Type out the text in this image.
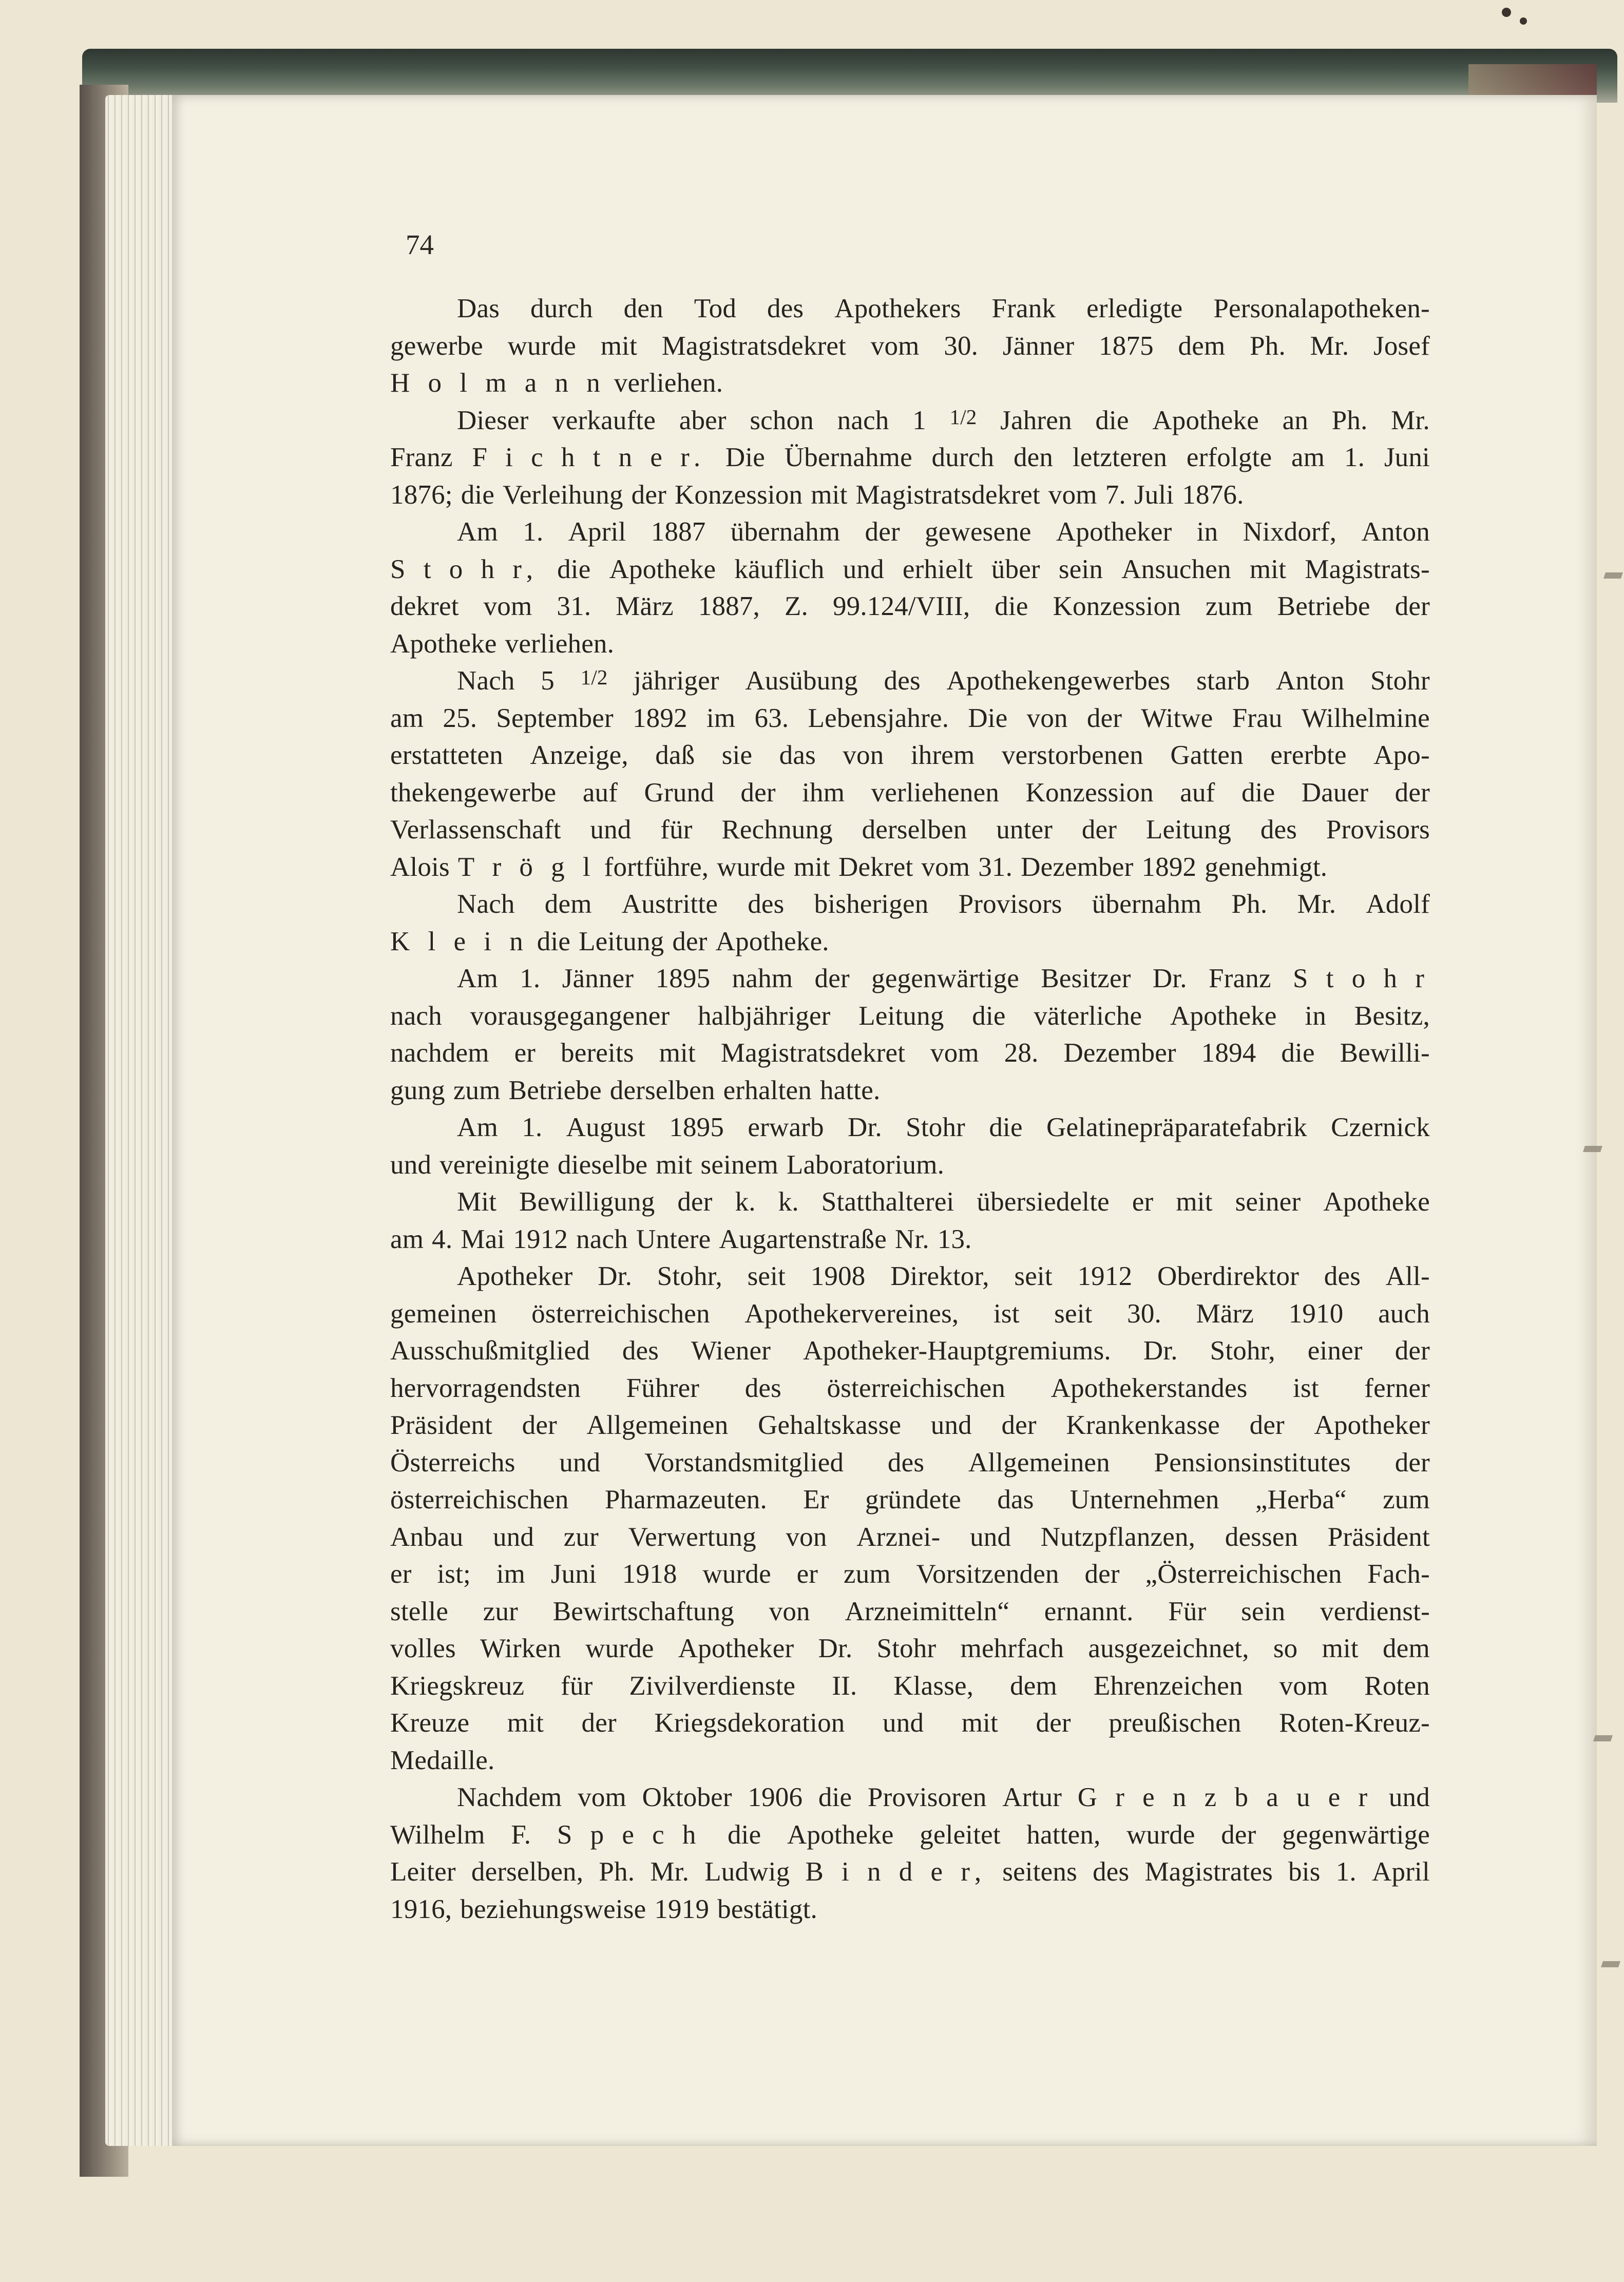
74
Das durch den Tod des Apothekers Frank erledigte Personalapotheken-
gewerbe wurde mit Magistratsdekret vom 30. Jänner 1875 dem Ph. Mr. Josef
H o l m a n n verliehen.
Dieser verkaufte aber schon nach 1 1/2 Jahren die Apotheke an Ph. Mr.
Franz F i c h t n e r. Die Übernahme durch den letzteren erfolgte am 1. Juni
1876; die Verleihung der Konzession mit Magistratsdekret vom 7. Juli 1876.
Am 1. April 1887 übernahm der gewesene Apotheker in Nixdorf, Anton
S t o h r, die Apotheke käuflich und erhielt über sein Ansuchen mit Magistrats-
dekret vom 31. März 1887, Z. 99.124/VIII, die Konzession zum Betriebe der
Apotheke verliehen.
Nach 5 1/2 jähriger Ausübung des Apothekengewerbes starb Anton Stohr
am 25. September 1892 im 63. Lebensjahre. Die von der Witwe Frau Wilhelmine
erstatteten Anzeige, daß sie das von ihrem verstorbenen Gatten ererbte Apo-
thekengewerbe auf Grund der ihm verliehenen Konzession auf die Dauer der
Verlassenschaft und für Rechnung derselben unter der Leitung des Provisors
Alois T r ö g l fortführe, wurde mit Dekret vom 31. Dezember 1892 genehmigt.
Nach dem Austritte des bisherigen Provisors übernahm Ph. Mr. Adolf
K l e i n die Leitung der Apotheke.
Am 1. Jänner 1895 nahm der gegenwärtige Besitzer Dr. Franz S t o h r
nach vorausgegangener halbjähriger Leitung die väterliche Apotheke in Besitz,
nachdem er bereits mit Magistratsdekret vom 28. Dezember 1894 die Bewilli-
gung zum Betriebe derselben erhalten hatte.
Am 1. August 1895 erwarb Dr. Stohr die Gelatinepräparatefabrik Czernick
und vereinigte dieselbe mit seinem Laboratorium.
Mit Bewilligung der k. k. Statthalterei übersiedelte er mit seiner Apotheke
am 4. Mai 1912 nach Untere Augartenstraße Nr. 13.
Apotheker Dr. Stohr, seit 1908 Direktor, seit 1912 Oberdirektor des All-
gemeinen österreichischen Apothekervereines, ist seit 30. März 1910 auch
Ausschußmitglied des Wiener Apotheker-Hauptgremiums. Dr. Stohr, einer der
hervorragendsten Führer des österreichischen Apothekerstandes ist ferner
Präsident der Allgemeinen Gehaltskasse und der Krankenkasse der Apotheker
Österreichs und Vorstandsmitglied des Allgemeinen Pensionsinstitutes der
österreichischen Pharmazeuten. Er gründete das Unternehmen „Herba“ zum
Anbau und zur Verwertung von Arznei- und Nutzpflanzen, dessen Präsident
er ist; im Juni 1918 wurde er zum Vorsitzenden der „Österreichischen Fach-
stelle zur Bewirtschaftung von Arzneimitteln“ ernannt. Für sein verdienst-
volles Wirken wurde Apotheker Dr. Stohr mehrfach ausgezeichnet, so mit dem
Kriegskreuz für Zivilverdienste II. Klasse, dem Ehrenzeichen vom Roten
Kreuze mit der Kriegsdekoration und mit der preußischen Roten-Kreuz-
Medaille.
Nachdem vom Oktober 1906 die Provisoren Artur G r e n z b a u e r und
Wilhelm F. S p e c h die Apotheke geleitet hatten, wurde der gegenwärtige
Leiter derselben, Ph. Mr. Ludwig B i n d e r, seitens des Magistrates bis 1. April
1916, beziehungsweise 1919 bestätigt.
